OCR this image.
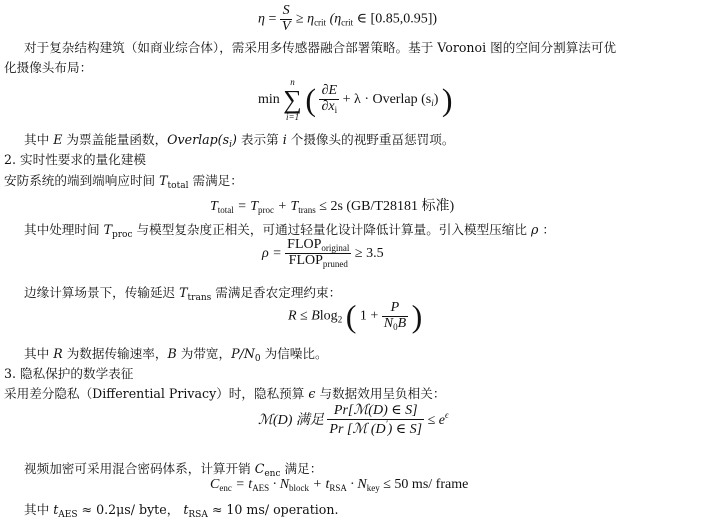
$\eta = \frac{S}{V} \ge \eta_{crit}$ ($\eta_{crit}$ ∈ [0.85,0.95])
对于复杂结构建筑（如商业综合体），需采用多传感器融合部署策略。基于 Voronoi 图的空间分割算法可优
化摄像头布局：
min
n
∑
i=1 ( $\frac{\partial E}{\partial x_i} + \lambda$ · Overlap $(s_i)$ )
其中 E 为票盖能量函数，$Overlap(s_i)$ 表示第 i 个摄像头的视野重畐惩罚项。
2. 实时性要求的量化建模
安防系统的端到端响应时间 $T_{total}$ 需满足：
$T_{total} = T_{proc} + T_{trans} \le 2s$ (GB/T28181 标准)
其中处理时间 $T_{proc}$ 与模型复杂度正相关，可通过轻量化设计降低计算量。引入模型压缩比 ρ ：
$\rho = \frac{FLOP_{original}}{FLOP_{pruned}} \ge 3.5$
边缘计算场景下，传输延迟 $T_{trans}$ 需满足香农定理约束：
R ≤ Blog$_2$ ( $1 + \frac{P}{N_0B}$ )
其中 R 为数据传输速率，B 为带宽，$P/N_0$ 为信噪比。
3. 隐私保护的数学表征
采用差分隐私（Differential Privacy）时，隐私预算 ϵ 与数据效用呈负相关：
ℳ(D) 满足 $\frac{\text{Pr[ℳ(D) ∈ S]}}{Pr [ℳ (D') \in S]} \le e^\epsilon$
视频加密可采用混合密码体系，计算开销 $C_{enc}$ 满足：
$C_{enc} = t_{AES} \cdot N_{block} + t_{RSA} \cdot N_{key} \le 50$ ms/ frame
其中 $t_{AES} \approx 0.2\mu s/$ byte， $t_{RSA} \approx 10$ ms/ operation.
